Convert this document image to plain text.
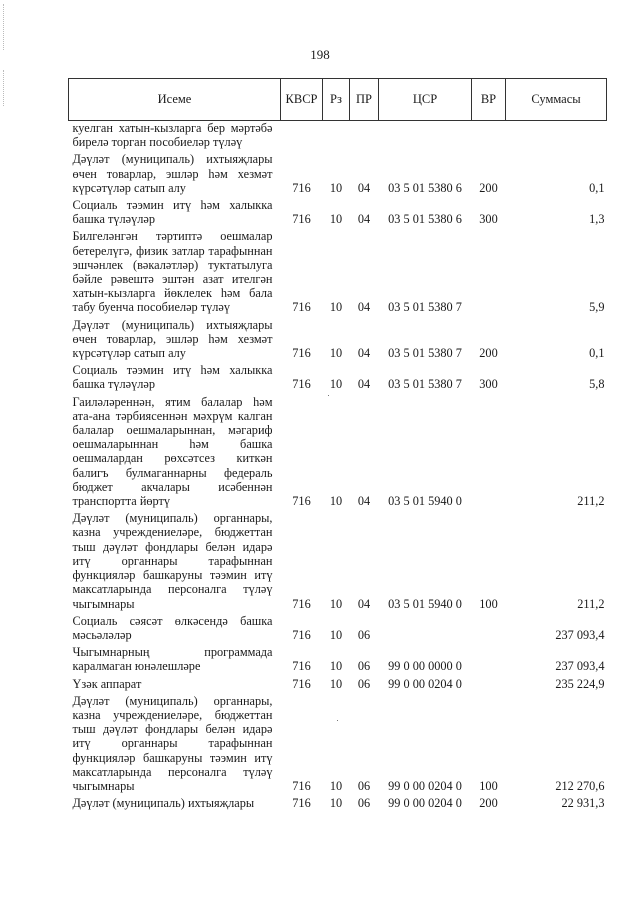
198
Исеме	КВСР	Рз	ПР	ЦСР	ВР	Суммасы
куелган хатын-кызларга бер мәртәбә бирелә торган пособиеләр түләү						
Дәүләт (муниципаль) ихтыяҗлары өчен товарлар, эшләр һәм хезмәт күрсәтүләр сатып алу	716	10	04	03 5 01 5380 6	200	0,1
Социаль тәэмин итү һәм халыкка башка түләүләр	716	10	04	03 5 01 5380 6	300	1,3
Билгеләнгән тәртиптә оешмалар бетерелүгә, физик затлар тарафыннан эшчәнлек (вәкаләтләр) туктатылуга бәйле рәвештә эштән азат ителгән хатын-кызларга йөклелек һәм бала табу буенча пособиеләр түләү	716	10	04	03 5 01 5380 7		5,9
Дәүләт (муниципаль) ихтыяҗлары өчен товарлар, эшләр һәм хезмәт күрсәтүләр сатып алу	716	10	04	03 5 01 5380 7	200	0,1
Социаль тәэмин итү һәм халыкка башка түләүләр	716	10	04	03 5 01 5380 7	300	5,8
Гаиләләреннән, ятим балалар һәм ата-ана тәрбиясеннән мәхрүм калган балалар оешмаларыннан, мәгариф оешмаларыннан һәм башка оешмалардан рөхсәтсез киткән балигъ булмаганнарны федераль бюджет акчалары исәбеннән транспортта йөртү	716	10	04	03 5 01 5940 0		211,2
Дәүләт (муниципаль) органнары, казна учреждениеләре, бюджеттан тыш дәүләт фондлары белән идарә итү органнары тарафыннан функцияләр башкаруны тәэмин итү максатларында персоналга түләү чыгымнары	716	10	04	03 5 01 5940 0	100	211,2
Социаль сәясәт өлкәсендә башка мәсьәләләр	716	10	06			237 093,4
Чыгымнарның программада каралмаган юнәлешләре	716	10	06	99 0 00 0000 0		237 093,4
Үзәк аппарат	716	10	06	99 0 00 0204 0		235 224,9
Дәүләт (муниципаль) органнары, казна учреждениеләре, бюджеттан тыш дәүләт фондлары белән идарә итү органнары тарафыннан функцияләр башкаруны тәэмин итү максатларында персоналга түләү чыгымнары	716	10	06	99 0 00 0204 0	100	212 270,6
Дәүләт (муниципаль) ихтыяҗлары	716	10	06	99 0 00 0204 0	200	22 931,3
